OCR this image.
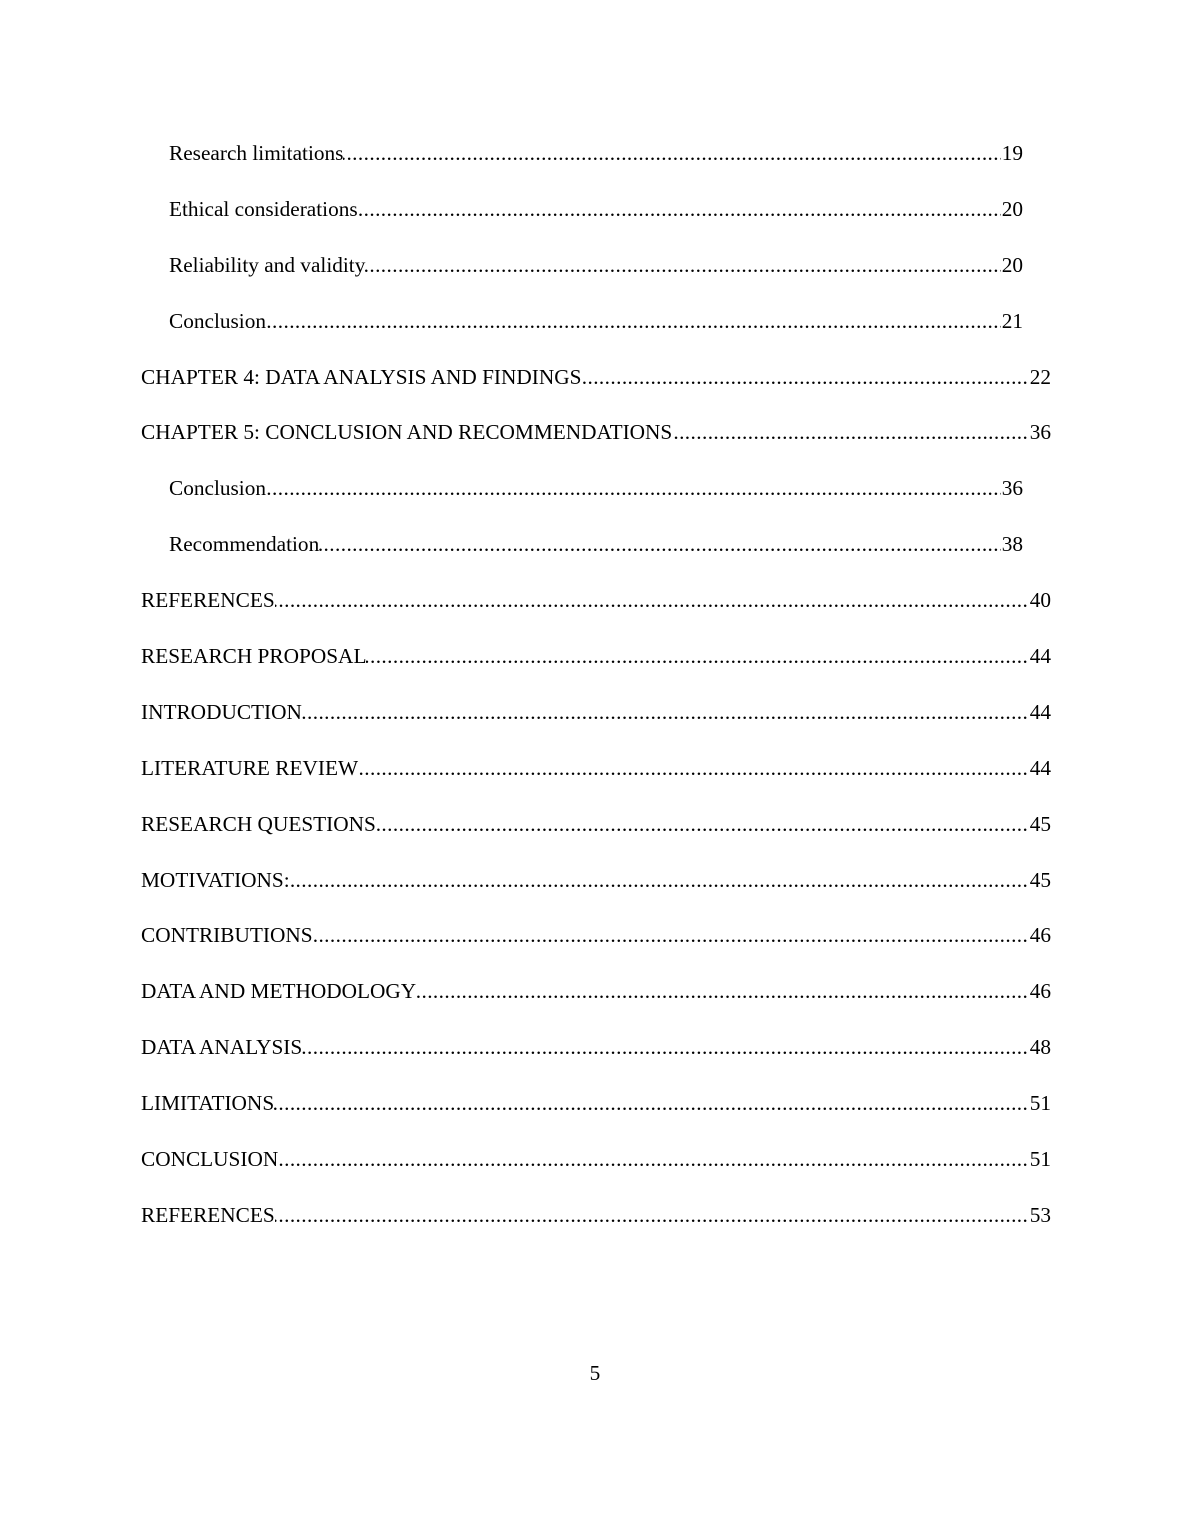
.....
Research limitations	19
.....
Ethical considerations	20
.....
Reliability and validity	20
.....
Conclusion	21
.....
CHAPTER 4: DATA ANALYSIS AND FINDINGS	22
.....
CHAPTER 5: CONCLUSION AND RECOMMENDATIONS	36
.....
Conclusion	36
.....
Recommendation	38
.....
REFERENCES	40
.....
RESEARCH PROPOSAL	44
.....
INTRODUCTION	44
.....
LITERATURE REVIEW	44
.....
RESEARCH QUESTIONS	45
.....
MOTIVATIONS:	45
.....
CONTRIBUTIONS	46
.....
DATA AND METHODOLOGY	46
.....
DATA ANALYSIS	48
.....
LIMITATIONS	51
.....
CONCLUSION	51
.....
REFERENCES	53
5
